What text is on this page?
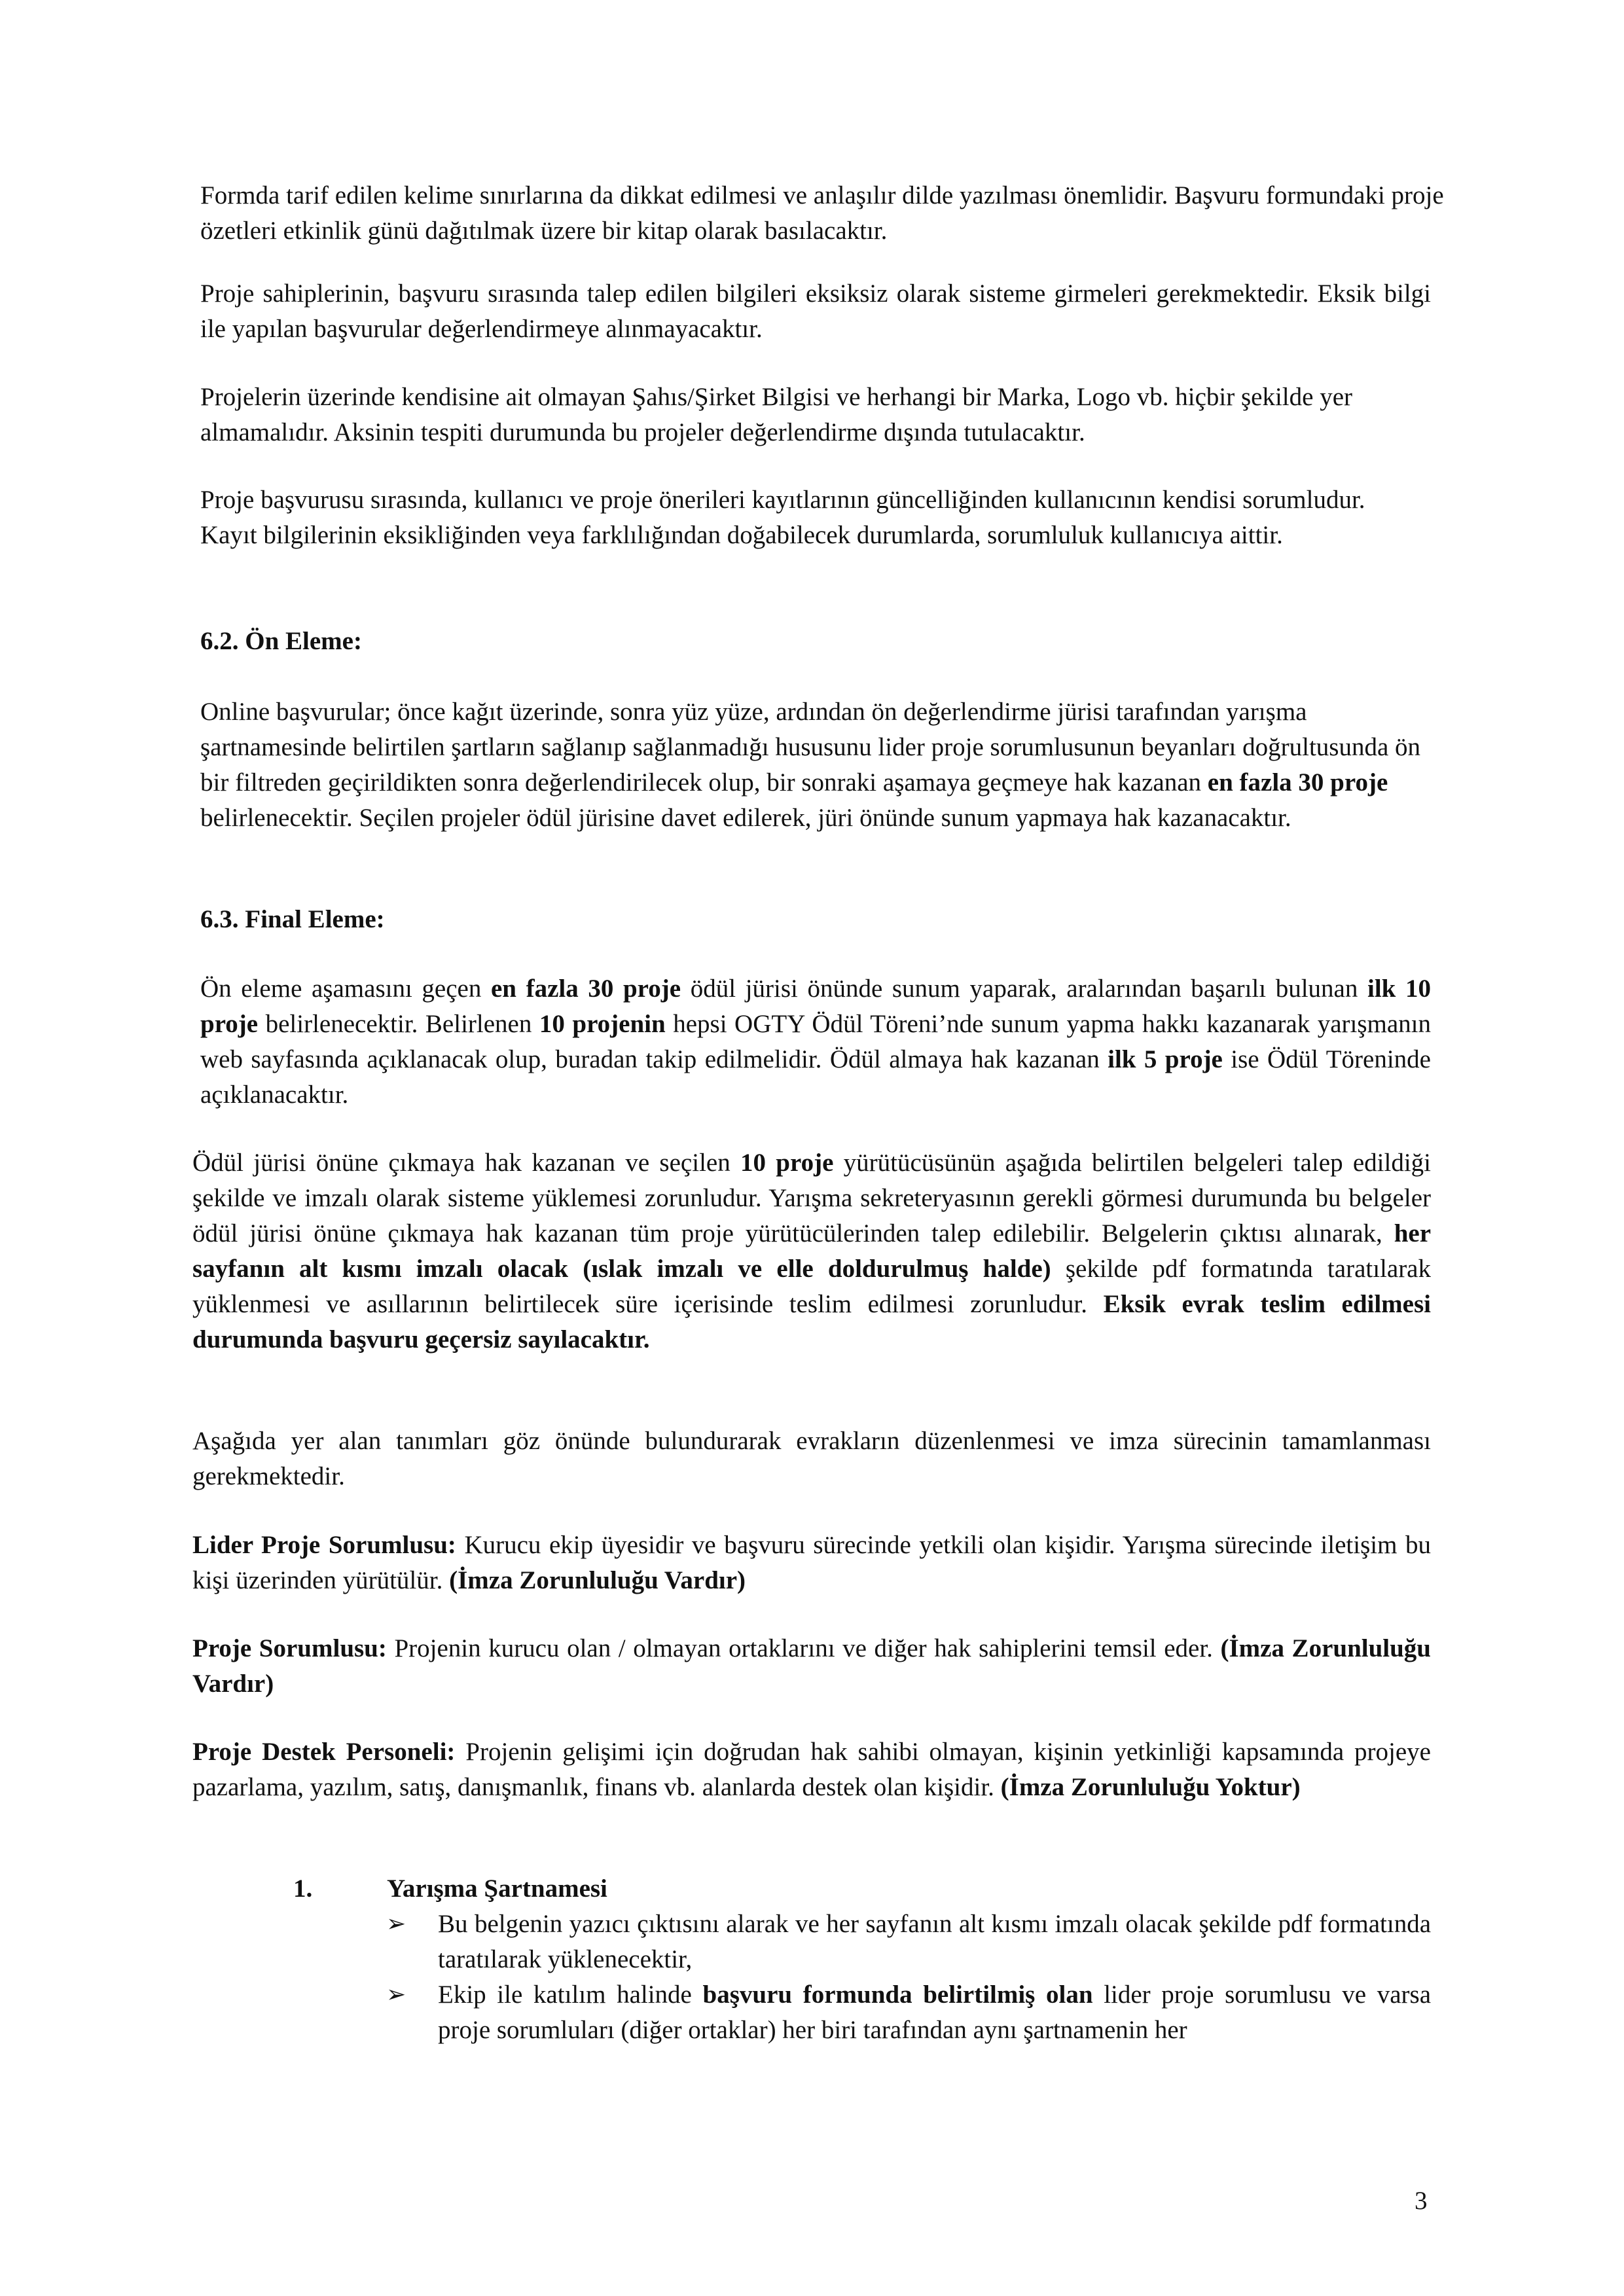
Formda tarif edilen kelime sınırlarına da dikkat edilmesi ve anlaşılır dilde yazılması önemlidir. Başvuru formundaki proje özetleri etkinlik günü dağıtılmak üzere bir kitap olarak basılacaktır.

Proje sahiplerinin, başvuru sırasında talep edilen bilgileri eksiksiz olarak sisteme girmeleri gerekmektedir. Eksik bilgi ile yapılan başvurular değerlendirmeye alınmayacaktır.

Projelerin üzerinde kendisine ait olmayan Şahıs/Şirket Bilgisi ve herhangi bir Marka, Logo vb. hiçbir şekilde yer almamalıdır. Aksinin tespiti durumunda bu projeler değerlendirme dışında tutulacaktır.

Proje başvurusu sırasında, kullanıcı ve proje önerileri kayıtlarının güncelliğinden kullanıcının kendisi sorumludur. Kayıt bilgilerinin eksikliğinden veya farklılığından doğabilecek durumlarda, sorumluluk kullanıcıya aittir.

6.2. Ön Eleme:

Online başvurular; önce kağıt üzerinde, sonra yüz yüze, ardından ön değerlendirme jürisi tarafından yarışma şartnamesinde belirtilen şartların sağlanıp sağlanmadığı hususunu lider proje sorumlusunun beyanları doğrultusunda ön bir filtreden geçirildikten sonra değerlendirilecek olup, bir sonraki aşamaya geçmeye hak kazanan en fazla 30 proje belirlenecektir. Seçilen projeler ödül jürisine davet edilerek, jüri önünde sunum yapmaya hak kazanacaktır.

6.3. Final Eleme:

Ön eleme aşamasını geçen en fazla 30 proje ödül jürisi önünde sunum yaparak, aralarından başarılı bulunan ilk 10 proje belirlenecektir. Belirlenen 10 projenin hepsi OGTY Ödül Töreni’nde sunum yapma hakkı kazanarak yarışmanın web sayfasında açıklanacak olup, buradan takip edilmelidir. Ödül almaya hak kazanan ilk 5 proje ise Ödül Töreninde açıklanacaktır.

Ödül jürisi önüne çıkmaya hak kazanan ve seçilen 10 proje yürütücüsünün aşağıda belirtilen belgeleri talep edildiği şekilde ve imzalı olarak sisteme yüklemesi zorunludur. Yarışma sekreteryasının gerekli görmesi durumunda bu belgeler ödül jürisi önüne çıkmaya hak kazanan tüm proje yürütücülerinden talep edilebilir. Belgelerin çıktısı alınarak, her sayfanın alt kısmı imzalı olacak (ıslak imzalı ve elle doldurulmuş halde) şekilde pdf formatında taratılarak yüklenmesi ve asıllarının belirtilecek süre içerisinde teslim edilmesi zorunludur. Eksik evrak teslim edilmesi durumunda başvuru geçersiz sayılacaktır.

Aşağıda yer alan tanımları göz önünde bulundurarak evrakların düzenlenmesi ve imza sürecinin tamamlanması gerekmektedir.

Lider Proje Sorumlusu: Kurucu ekip üyesidir ve başvuru sürecinde yetkili olan kişidir. Yarışma sürecinde iletişim bu kişi üzerinden yürütülür. (İmza Zorunluluğu Vardır)

Proje Sorumlusu: Projenin kurucu olan / olmayan ortaklarını ve diğer hak sahiplerini temsil eder. (İmza Zorunluluğu Vardır)

Proje Destek Personeli: Projenin gelişimi için doğrudan hak sahibi olmayan, kişinin yetkinliği kapsamında projeye pazarlama, yazılım, satış, danışmanlık, finans vb. alanlarda destek olan kişidir. (İmza Zorunluluğu Yoktur)

1.	Yarışma Şartnamesi
➢ Bu belgenin yazıcı çıktısını alarak ve her sayfanın alt kısmı imzalı olacak şekilde pdf formatında taratılarak yüklenecektir,

➢ Ekip ile katılım halinde başvuru formunda belirtilmiş olan lider proje sorumlusu ve varsa proje sorumluları (diğer ortaklar) her biri tarafından aynı şartnamenin her

3
